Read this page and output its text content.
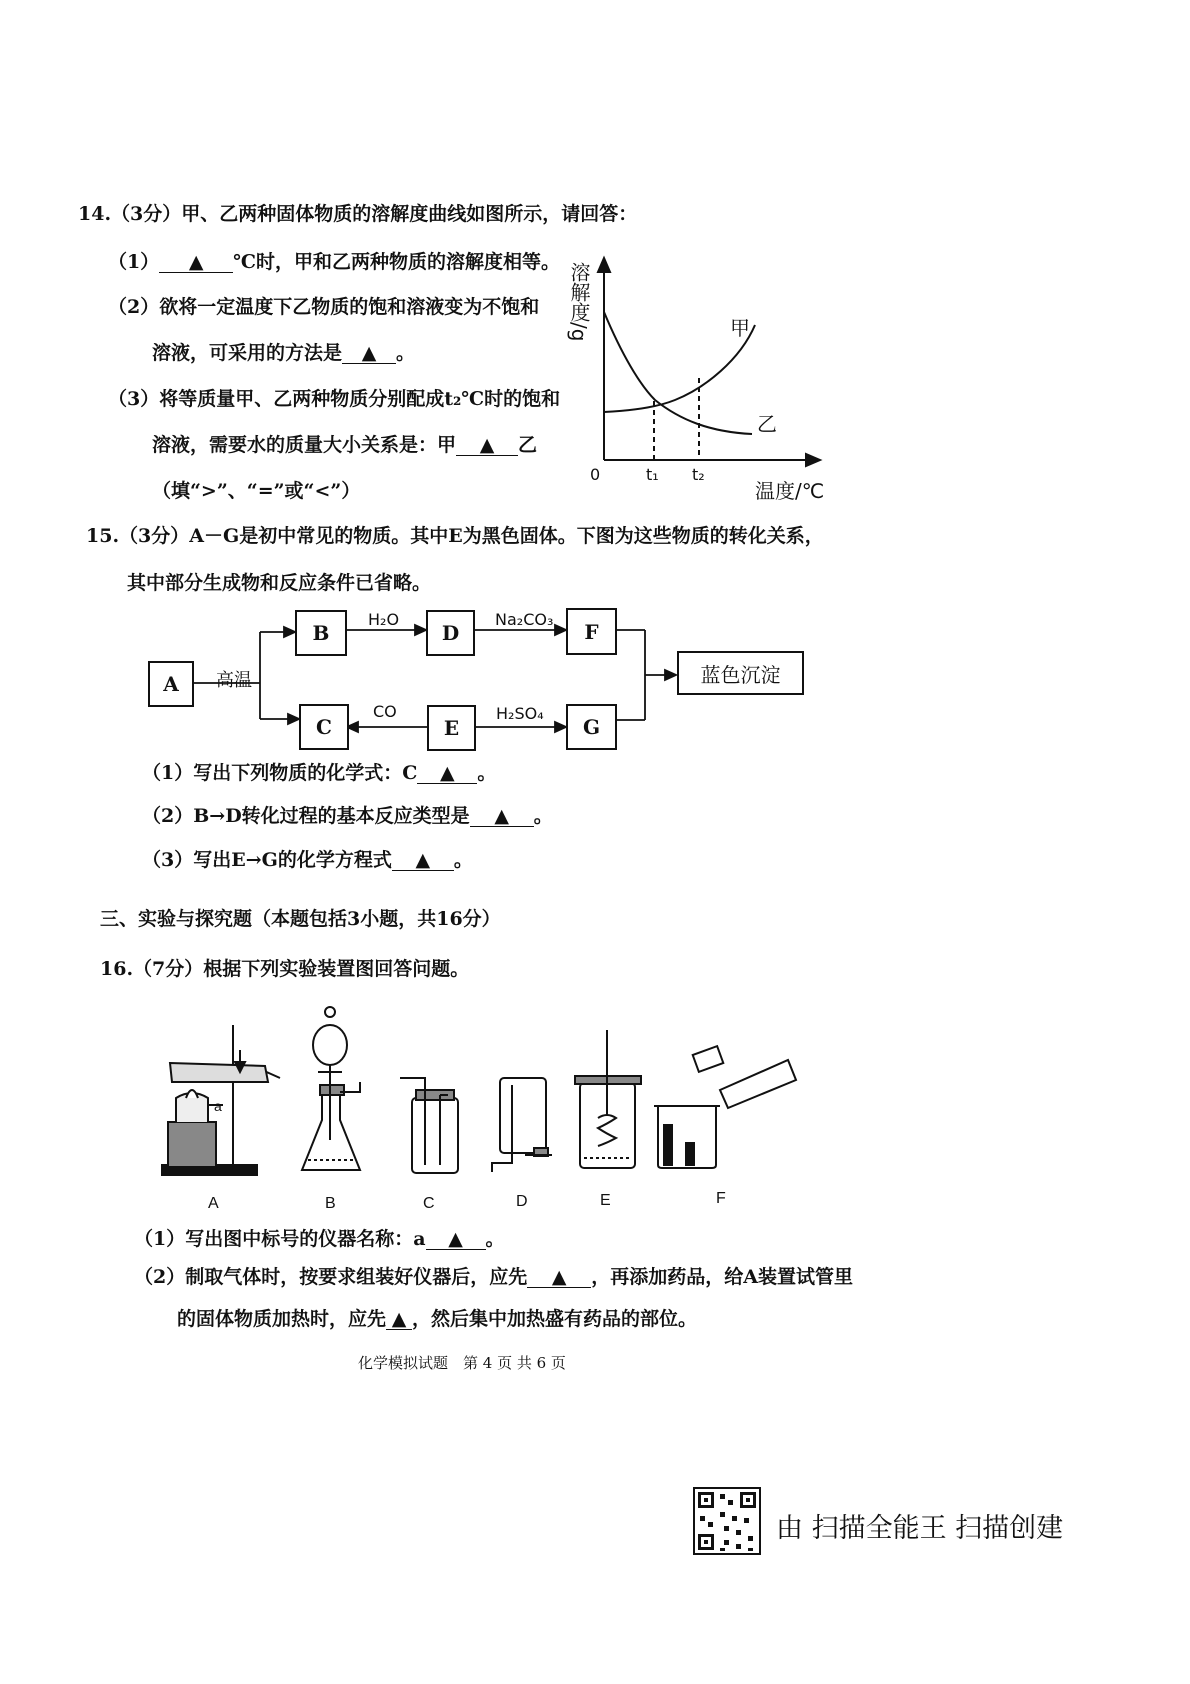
14.（3分）甲、乙两种固体物质的溶解度曲线如图所示，请回答：
（1） ▲ ℃时，甲和乙两种物质的溶解度相等。
（2）欲将一定温度下乙物质的饱和溶液变为不饱和
溶液，可采用的方法是 ▲ 。
（3）将等质量甲、乙两种物质分别配成t₂℃时的饱和
溶液，需要水的质量大小关系是：甲 ▲ 乙
（填“>”、“=”或“<”）
溶解度/g
温度/℃
0	t₁ t₂
甲
乙
15.（3分）A－G是初中常见的物质。其中E为黑色固体。下图为这些物质的转化关系，
其中部分生成物和反应条件已省略。
A
B	D	F
C	E	G
蓝色沉淀
高温
H₂O	Na₂CO₃
CO	H₂SO₄
（1）写出下列物质的化学式：C ▲ 。
（2）B→D转化过程的基本反应类型是 ▲ 。
（3）写出E→G的化学方程式 ▲ 。
三、实验与探究题（本题包括3小题，共16分）
16.（7分）根据下列实验装置图回答问题。
A	B	C	D	E	F
a
（1）写出图中标号的仪器名称：a ▲ 。
（2）制取气体时，按要求组装好仪器后，应先 ▲ ，再添加药品，给A装置试管里
的固体物质加热时，应先 ▲ ，然后集中加热盛有药品的部位。
化学模拟试题　第 4 页 共 6 页
由 扫描全能王 扫描创建
